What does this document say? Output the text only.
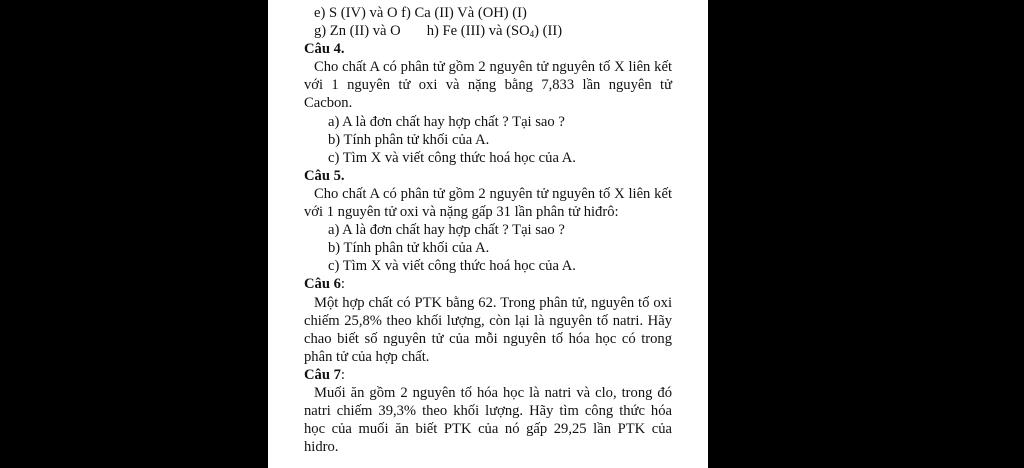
e) S (IV) và O f) Ca (II) Và (OH) (I)
g) Zn (II) và O h) Fe (III) và $(SO_4)$ (II)
Câu 4.
Cho chất A có phân tử gồm 2 nguyên tử nguyên tố X liên kết với 1 nguyên tử oxi và nặng bằng 7,833 lần nguyên tử Cacbon.
a) A là đơn chất hay hợp chất ? Tại sao ?
b) Tính phân tử khối của A.
c) Tìm X và viết công thức hoá học của A.
Câu 5.
Cho chất A có phân tử gồm 2 nguyên tử nguyên tố X liên kết với 1 nguyên tử oxi và nặng gấp 31 lần phân tử hiđrô:
a) A là đơn chất hay hợp chất ? Tại sao ?
b) Tính phân tử khối của A.
c) Tìm X và viết công thức hoá học của A.
Câu 6:
Một hợp chất có PTK bằng 62. Trong phân tử, nguyên tố oxi chiếm 25,8% theo khối lượng, còn lại là nguyên tố natri. Hãy chao biết số nguyên tử của mỗi nguyên tố hóa học có trong phân tử của hợp chất.
Câu 7:
Muối ăn gồm 2 nguyên tố hóa học là natri và clo, trong đó natri chiếm 39,3% theo khối lượng. Hãy tìm công thức hóa học của muối ăn biết PTK của nó gấp 29,25 lần PTK của hidro.
